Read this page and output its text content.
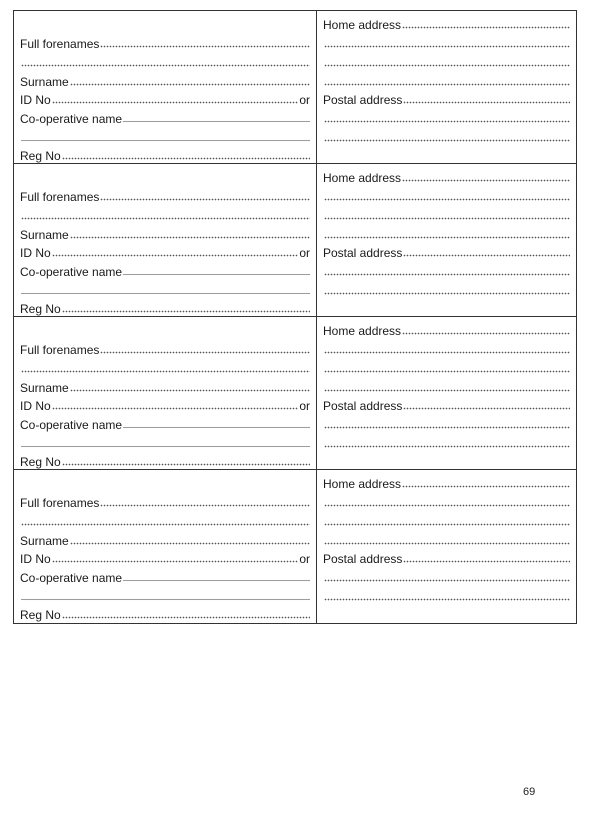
Full forenames
Surname
ID No	or
Co-operative name
Reg No
Home address
Postal address
Full forenames
Surname
ID No	or
Co-operative name
Reg No
Home address
Postal address
Full forenames
Surname
ID No	or
Co-operative name
Reg No
Home address
Postal address
Full forenames
Surname
ID No	or
Co-operative name
Reg No
Home address
Postal address
69
